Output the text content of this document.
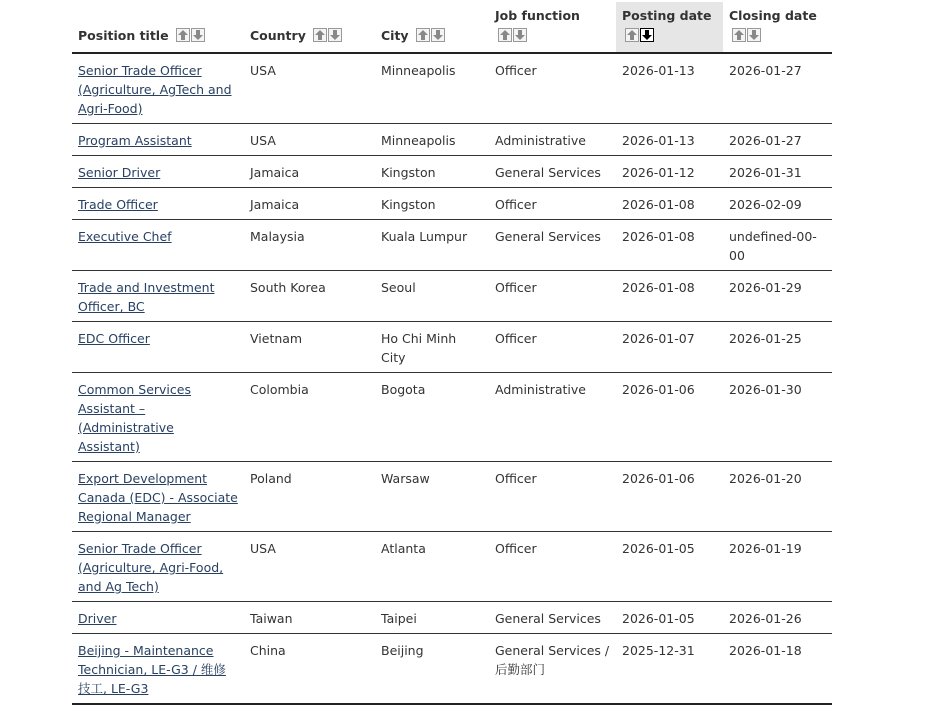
Position title	Country	City	Job function	Posting date	Closing date

Senior Trade Officer (Agriculture, AgTech and Agri-Food)	USA	Minneapolis	Officer	2026-01-13	2026-01-27
Program Assistant	USA	Minneapolis	Administrative	2026-01-13	2026-01-27
Senior Driver	Jamaica	Kingston	General Services	2026-01-12	2026-01-31
Trade Officer	Jamaica	Kingston	Officer	2026-01-08	2026-02-09
Executive Chef	Malaysia	Kuala Lumpur	General Services	2026-01-08	undefined-00-00
Trade and Investment Officer, BC	South Korea	Seoul	Officer	2026-01-08	2026-01-29
EDC Officer	Vietnam	Ho Chi Minh City	Officer	2026-01-07	2026-01-25
Common Services Assistant – (Administrative Assistant)	Colombia	Bogota	Administrative	2026-01-06	2026-01-30
Export Development Canada (EDC) - Associate Regional Manager	Poland	Warsaw	Officer	2026-01-06	2026-01-20
Senior Trade Officer (Agriculture, Agri-Food, and Ag Tech)	USA	Atlanta	Officer	2026-01-05	2026-01-19
Driver	Taiwan	Taipei	General Services	2026-01-05	2026-01-26
Beijing - Maintenance Technician, LE-G3 / 维修技工, LE-G3	China	Beijing	General Services / 后勤部门	2025-12-31	2026-01-18
